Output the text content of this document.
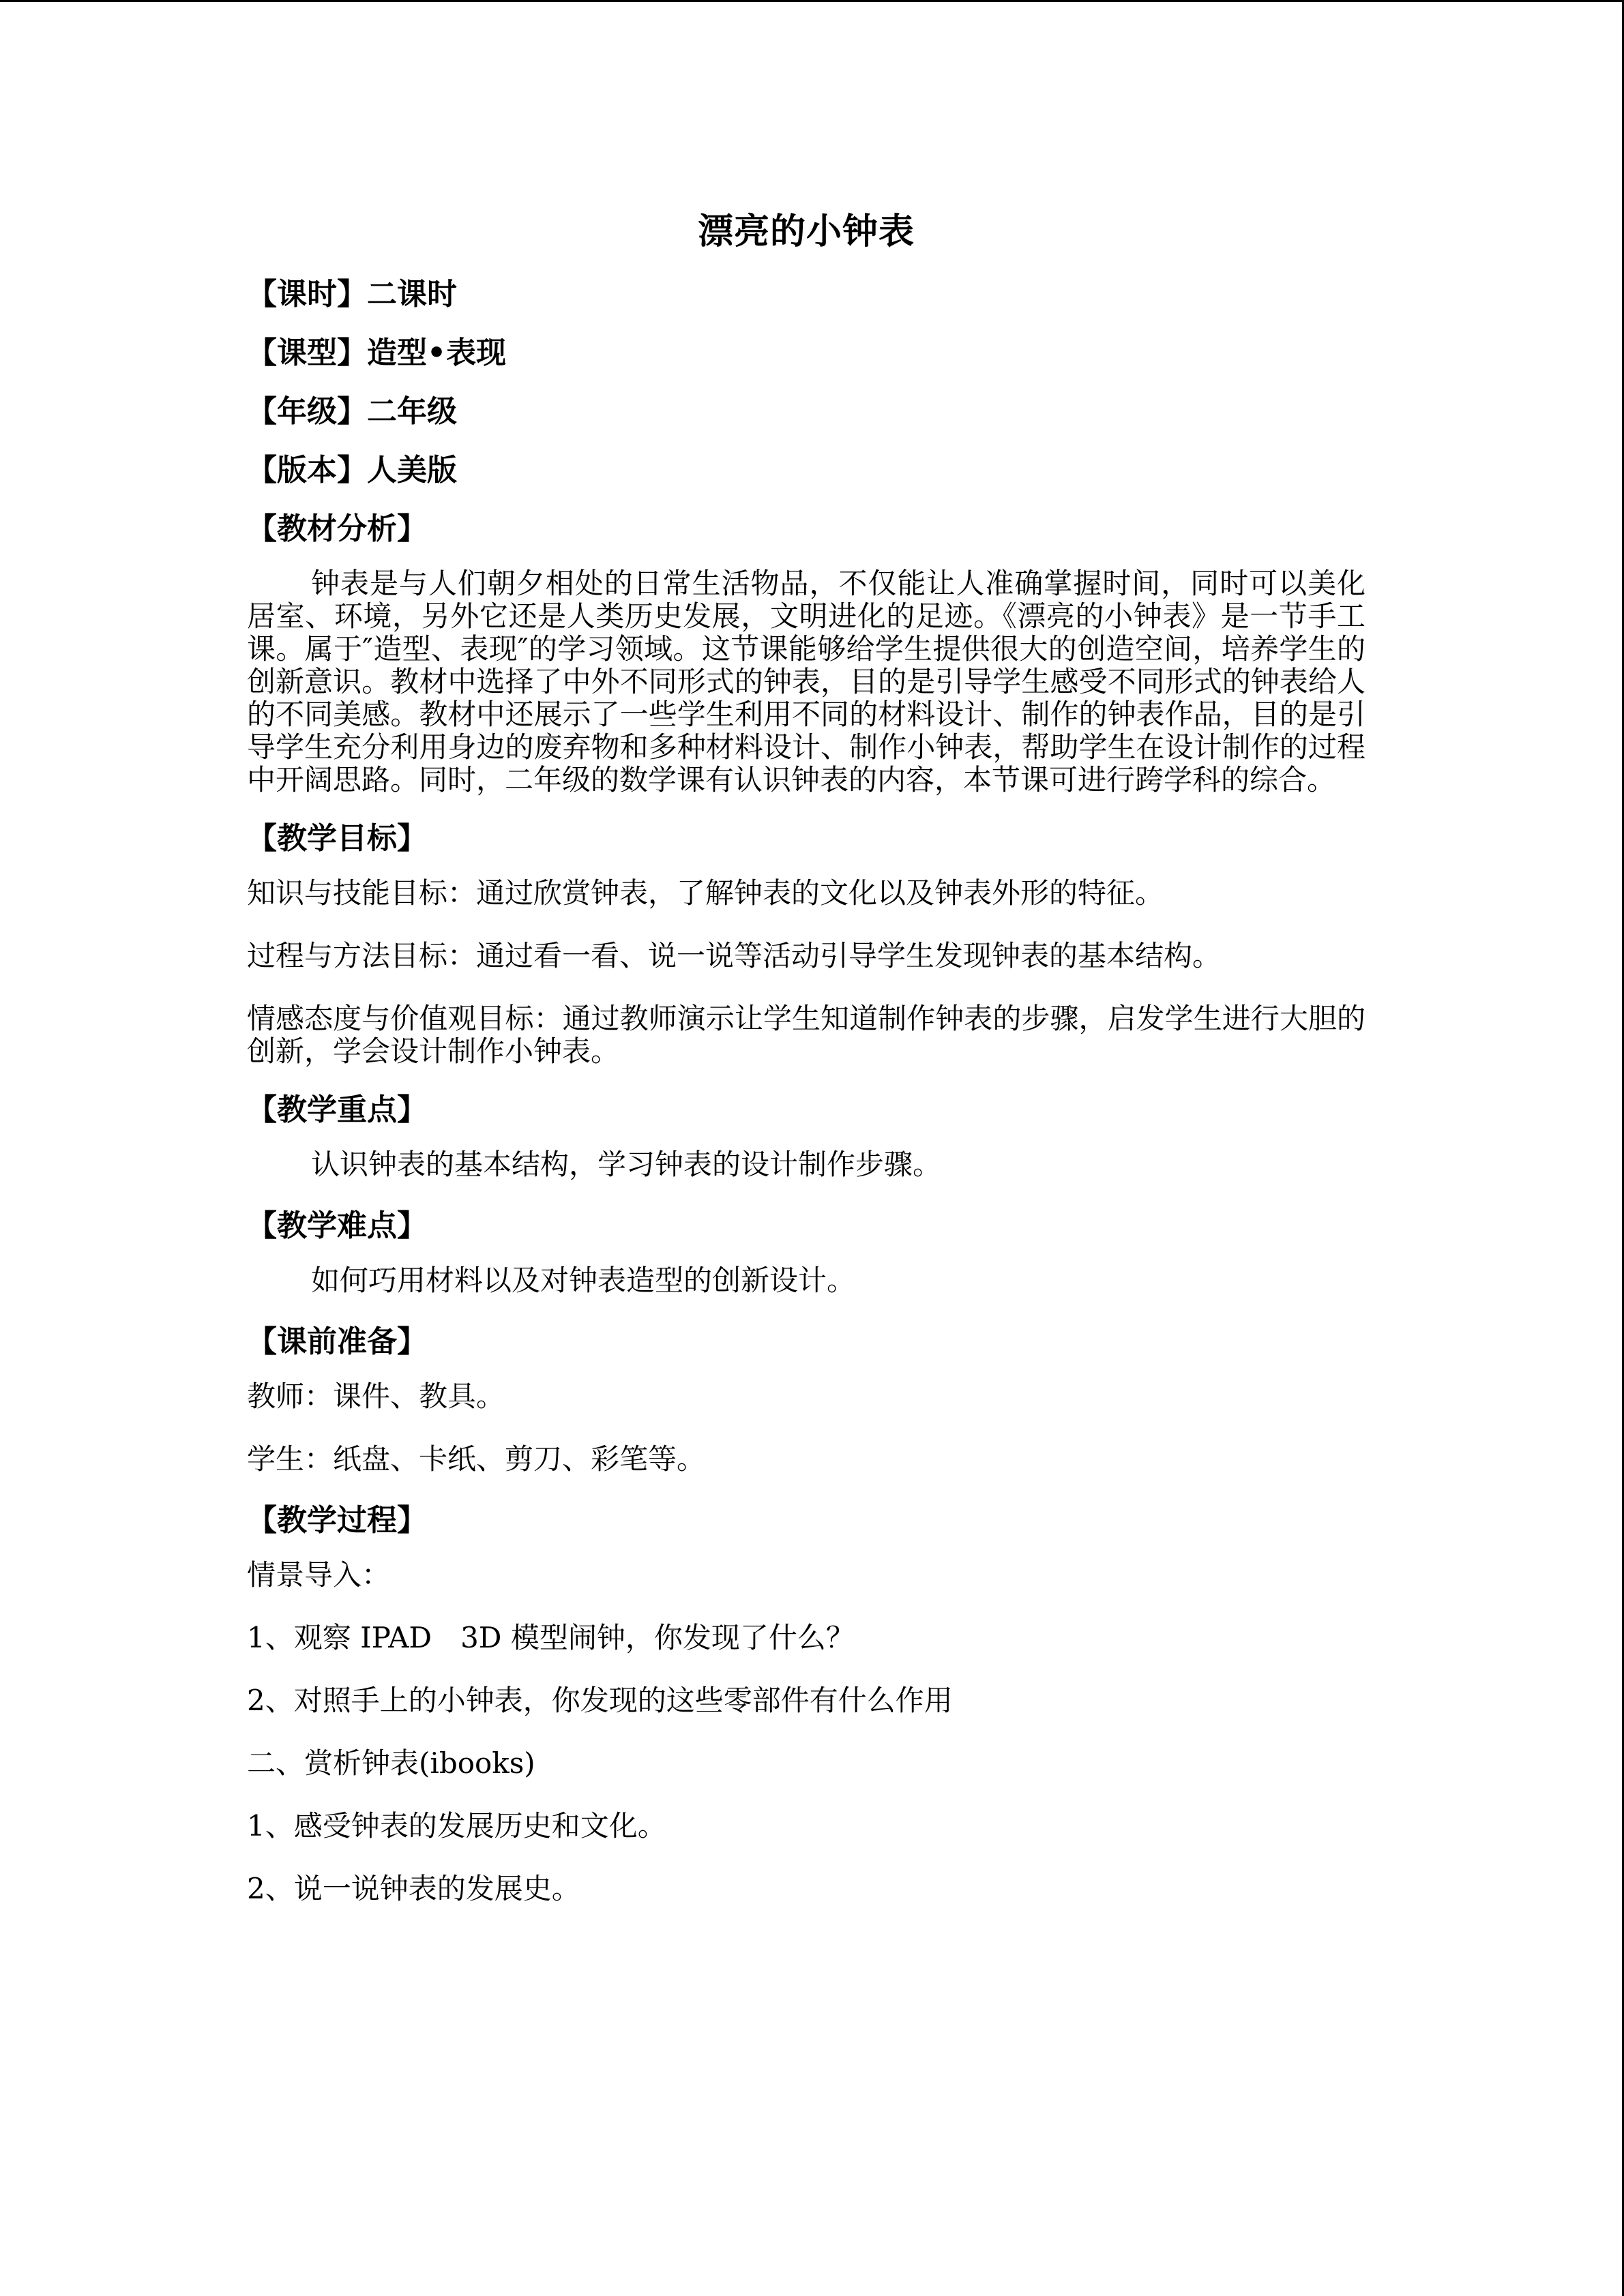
漂亮的小钟表
【课时】二课时
【课型】造型•表现
【年级】二年级
【版本】人美版
【教材分析】
钟表是与人们朝夕相处的日常生活物品，不仅能让人准确掌握时间，同时可以美化居室、环境，另外它还是人类历史发展，文明进化的足迹。《漂亮的小钟表》是一节手工课。属于″造型、表现″的学习领域。这节课能够给学生提供很大的创造空间，培养学生的创新意识。教材中选择了中外不同形式的钟表，目的是引导学生感受不同形式的钟表给人的不同美感。教材中还展示了一些学生利用不同的材料设计、制作的钟表作品，目的是引导学生充分利用身边的废弃物和多种材料设计、制作小钟表，帮助学生在设计制作的过程中开阔思路。同时，二年级的数学课有认识钟表的内容，本节课可进行跨学科的综合。
【教学目标】
知识与技能目标：通过欣赏钟表，了解钟表的文化以及钟表外形的特征。
过程与方法目标：通过看一看、说一说等活动引导学生发现钟表的基本结构。
情感态度与价值观目标：通过教师演示让学生知道制作钟表的步骤，启发学生进行大胆的创新，学会设计制作小钟表。
【教学重点】
认识钟表的基本结构，学习钟表的设计制作步骤。
【教学难点】
如何巧用材料以及对钟表造型的创新设计。
【课前准备】
教师：课件、教具。
学生：纸盘、卡纸、剪刀、彩笔等。
【教学过程】
情景导入：
1、观察 IPAD　3D 模型闹钟，你发现了什么？
2、对照手上的小钟表，你发现的这些零部件有什么作用
二、赏析钟表(ibooks)
1、感受钟表的发展历史和文化。
2、说一说钟表的发展史。
